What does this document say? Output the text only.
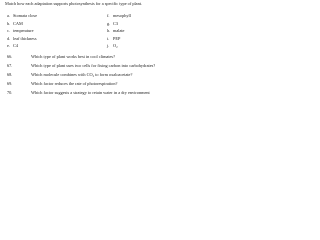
Match how each adaptation supports photosynthesis for a specific type of plant.
a. Stomata close
b. CAM
c. temperature
d. leaf thickness
e. C4
f. mesophyll
g. C3
h. malate
i. PEP
j. O₂
66.	Which type of plant works best in cool climates?
67.	Which type of plant uses two cells for fixing carbon into carbohydrates?
68.	Which molecule combines with CO₂ to form oxaloacetate?
69.	Which factor reduces the rate of photorespiration?
70.	Which factor suggests a strategy to retain water in a dry environment
